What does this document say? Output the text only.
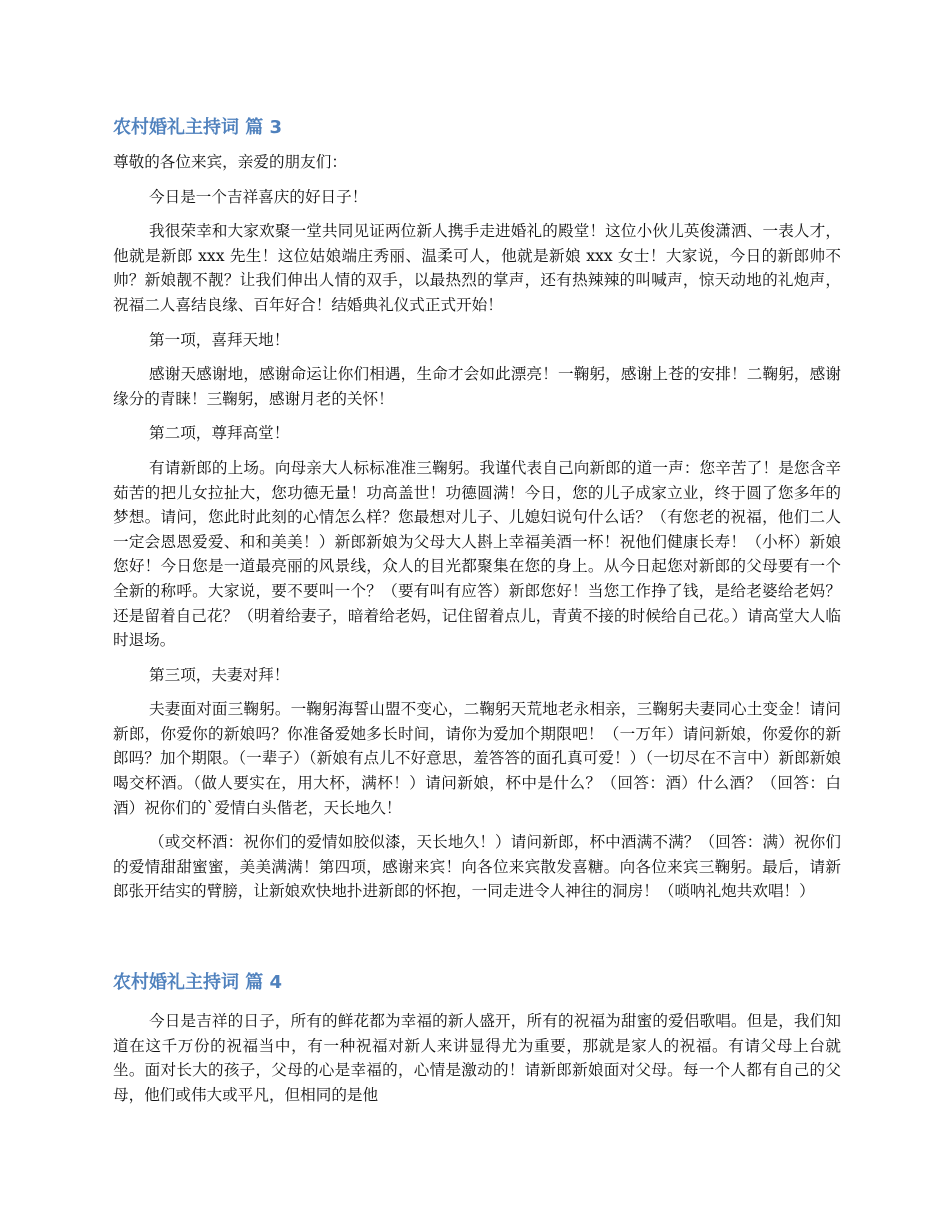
农村婚礼主持词 篇 3

尊敬的各位来宾，亲爱的朋友们：

今日是一个吉祥喜庆的好日子！

我很荣幸和大家欢聚一堂共同见证两位新人携手走进婚礼的殿堂！这位小伙儿英俊潇洒、一表人才，他就是新郎 xxx 先生！这位姑娘端庄秀丽、温柔可人，他就是新娘 xxx 女士！大家说，今日的新郎帅不帅？新娘靓不靓？让我们伸出人情的双手，以最热烈的掌声，还有热辣辣的叫喊声，惊天动地的礼炮声，祝福二人喜结良缘、百年好合！结婚典礼仪式正式开始！

第一项，喜拜天地！

感谢天感谢地，感谢命运让你们相遇，生命才会如此漂亮！一鞠躬，感谢上苍的安排！二鞠躬，感谢缘分的青睐！三鞠躬，感谢月老的关怀！

第二项，尊拜高堂！

有请新郎的上场。向母亲大人标标准准三鞠躬。我谨代表自己向新郎的道一声：您辛苦了！是您含辛茹苦的把儿女拉扯大，您功德无量！功高盖世！功德圆满！今日，您的儿子成家立业，终于圆了您多年的梦想。请问，您此时此刻的心情怎么样？您最想对儿子、儿媳妇说句什么话？（有您老的祝福，他们二人一定会恩恩爱爱、和和美美！）新郎新娘为父母大人斟上幸福美酒一杯！祝他们健康长寿！（小杯）新娘您好！今日您是一道最亮丽的风景线，众人的目光都聚集在您的身上。从今日起您对新郎的父母要有一个全新的称呼。大家说，要不要叫一个？（要有叫有应答）新郎您好！当您工作挣了钱，是给老婆给老妈？还是留着自己花？（明着给妻子，暗着给老妈，记住留着点儿，青黄不接的时候给自己花。）请高堂大人临时退场。

第三项，夫妻对拜！

夫妻面对面三鞠躬。一鞠躬海誓山盟不变心，二鞠躬天荒地老永相亲，三鞠躬夫妻同心土变金！请问新郎，你爱你的新娘吗？你准备爱她多长时间，请你为爱加个期限吧！（一万年）请问新娘，你爱你的新郎吗？加个期限。（一辈子）（新娘有点儿不好意思，羞答答的面孔真可爱！）（一切尽在不言中）新郎新娘喝交杯酒。（做人要实在，用大杯，满杯！）请问新娘，杯中是什么？（回答：酒）什么酒？（回答：白酒）祝你们的`爱情白头偕老，天长地久！

（或交杯酒：祝你们的爱情如胶似漆，天长地久！）请问新郎，杯中酒满不满？（回答：满）祝你们的爱情甜甜蜜蜜，美美满满！第四项，感谢来宾！向各位来宾散发喜糖。向各位来宾三鞠躬。最后，请新郎张开结实的臂膀，让新娘欢快地扑进新郎的怀抱，一同走进令人神往的洞房！（唢呐礼炮共欢唱！）

农村婚礼主持词 篇 4

今日是吉祥的日子，所有的鲜花都为幸福的新人盛开，所有的祝福为甜蜜的爱侣歌唱。但是，我们知道在这千万份的祝福当中，有一种祝福对新人来讲显得尤为重要，那就是家人的祝福。有请父母上台就坐。面对长大的孩子，父母的心是幸福的，心情是激动的！请新郎新娘面对父母。每一个人都有自己的父母，他们或伟大或平凡，但相同的是他
